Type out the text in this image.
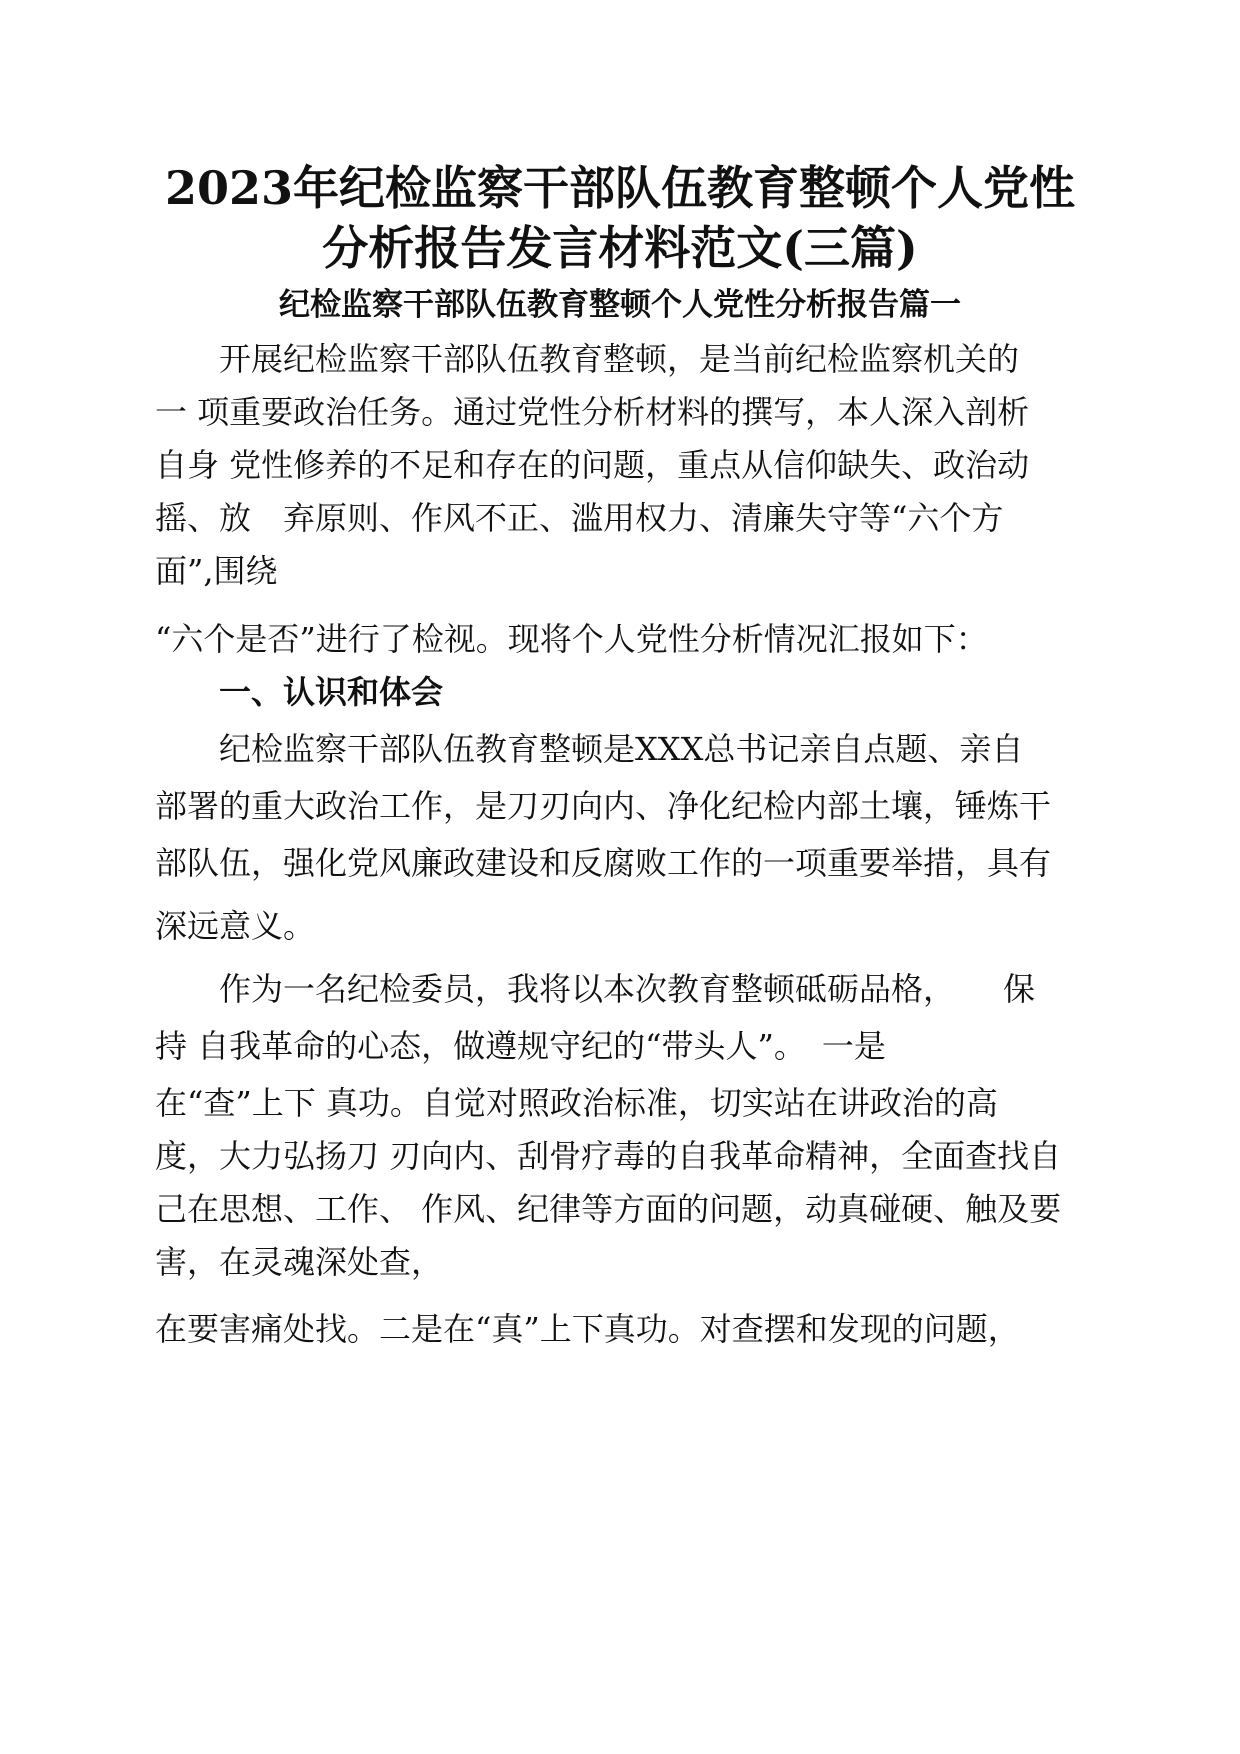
2023年纪检监察干部队伍教育整顿个人党性
分析报告发言材料范文(三篇)
纪检监察干部队伍教育整顿个人党性分析报告篇一
　　开展纪检监察干部队伍教育整顿，是当前纪检监察机关的
一 项重要政治任务。通过党性分析材料的撰写，本人深入剖析
自身 党性修养的不足和存在的问题，重点从信仰缺失、政治动
摇、放　弃原则、作风不正、滥用权力、清廉失守等“六个方
面”,围绕
“六个是否”进行了检视。现将个人党性分析情况汇报如下：
　　一、认识和体会
　　纪检监察干部队伍教育整顿是XXX总书记亲自点题、亲自
部署的重大政治工作，是刀刃向内、净化纪检内部土壤，锤炼干
部队伍，强化党风廉政建设和反腐败工作的一项重要举措，具有
深远意义。
　　作为一名纪检委员，我将以本次教育整顿砥砺品格，　　保
持 自我革命的心态，做遵规守纪的“带头人”。　一是
在“查”上下 真功。自觉对照政治标准，切实站在讲政治的高
度，大力弘扬刀 刃向内、刮骨疗毒的自我革命精神，全面查找自
己在思想、工作、 作风、纪律等方面的问题，动真碰硬、触及要
害，在灵魂深处查，
在要害痛处找。二是在“真”上下真功。对查摆和发现的问题，
